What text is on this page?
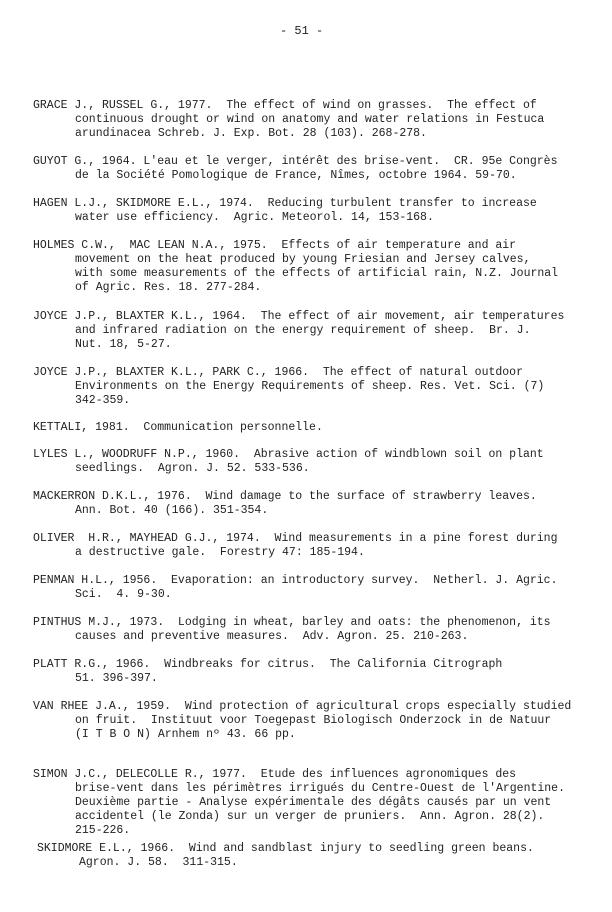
- 51 -
GRACE J., RUSSEL G., 1977.  The effect of wind on grasses.  The effect of
continuous drought or wind on anatomy and water relations in Festuca
arundinacea Schreb. J. Exp. Bot. 28 (103). 268-278.
GUYOT G., 1964. L'eau et le verger, intérêt des brise-vent.  CR. 95e Congrès
de la Société Pomologique de France, Nîmes, octobre 1964. 59-70.
HAGEN L.J., SKIDMORE E.L., 1974.  Reducing turbulent transfer to increase
water use efficiency.  Agric. Meteorol. 14, 153-168.
HOLMES C.W.,  MAC LEAN N.A., 1975.  Effects of air temperature and air
movement on the heat produced by young Friesian and Jersey calves,
with some measurements of the effects of artificial rain, N.Z. Journal
of Agric. Res. 18. 277-284.
JOYCE J.P., BLAXTER K.L., 1964.  The effect of air movement, air temperatures
and infrared radiation on the energy requirement of sheep.  Br. J.
Nut. 18, 5-27.
JOYCE J.P., BLAXTER K.L., PARK C., 1966.  The effect of natural outdoor
Environments on the Energy Requirements of sheep. Res. Vet. Sci. (7)
342-359.
KETTALI, 1981.  Communication personnelle.
LYLES L., WOODRUFF N.P., 1960.  Abrasive action of windblown soil on plant
seedlings.  Agron. J. 52. 533-536.
MACKERRON D.K.L., 1976.  Wind damage to the surface of strawberry leaves.
Ann. Bot. 40 (166). 351-354.
OLIVER  H.R., MAYHEAD G.J., 1974.  Wind measurements in a pine forest during
a destructive gale.  Forestry 47: 185-194.
PENMAN H.L., 1956.  Evaporation: an introductory survey.  Netherl. J. Agric.
Sci.  4. 9-30.
PINTHUS M.J., 1973.  Lodging in wheat, barley and oats: the phenomenon, its
causes and preventive measures.  Adv. Agron. 25. 210-263.
PLATT R.G., 1966.  Windbreaks for citrus.  The California Citrograph
51. 396-397.
VAN RHEE J.A., 1959.  Wind protection of agricultural crops especially studied
on fruit.  Instituut voor Toegepast Biologisch Onderzock in de Natuur
(I T B O N) Arnhem nº 43. 66 pp.
SIMON J.C., DELECOLLE R., 1977.  Etude des influences agronomiques des
brise-vent dans les périmètres irrigués du Centre-Ouest de l'Argentine.
Deuxième partie - Analyse expérimentale des dégâts causés par un vent
accidentel (le Zonda) sur un verger de pruniers.  Ann. Agron. 28(2).
215-226.
SKIDMORE E.L., 1966.  Wind and sandblast injury to seedling green beans.
Agron. J. 58.  311-315.
